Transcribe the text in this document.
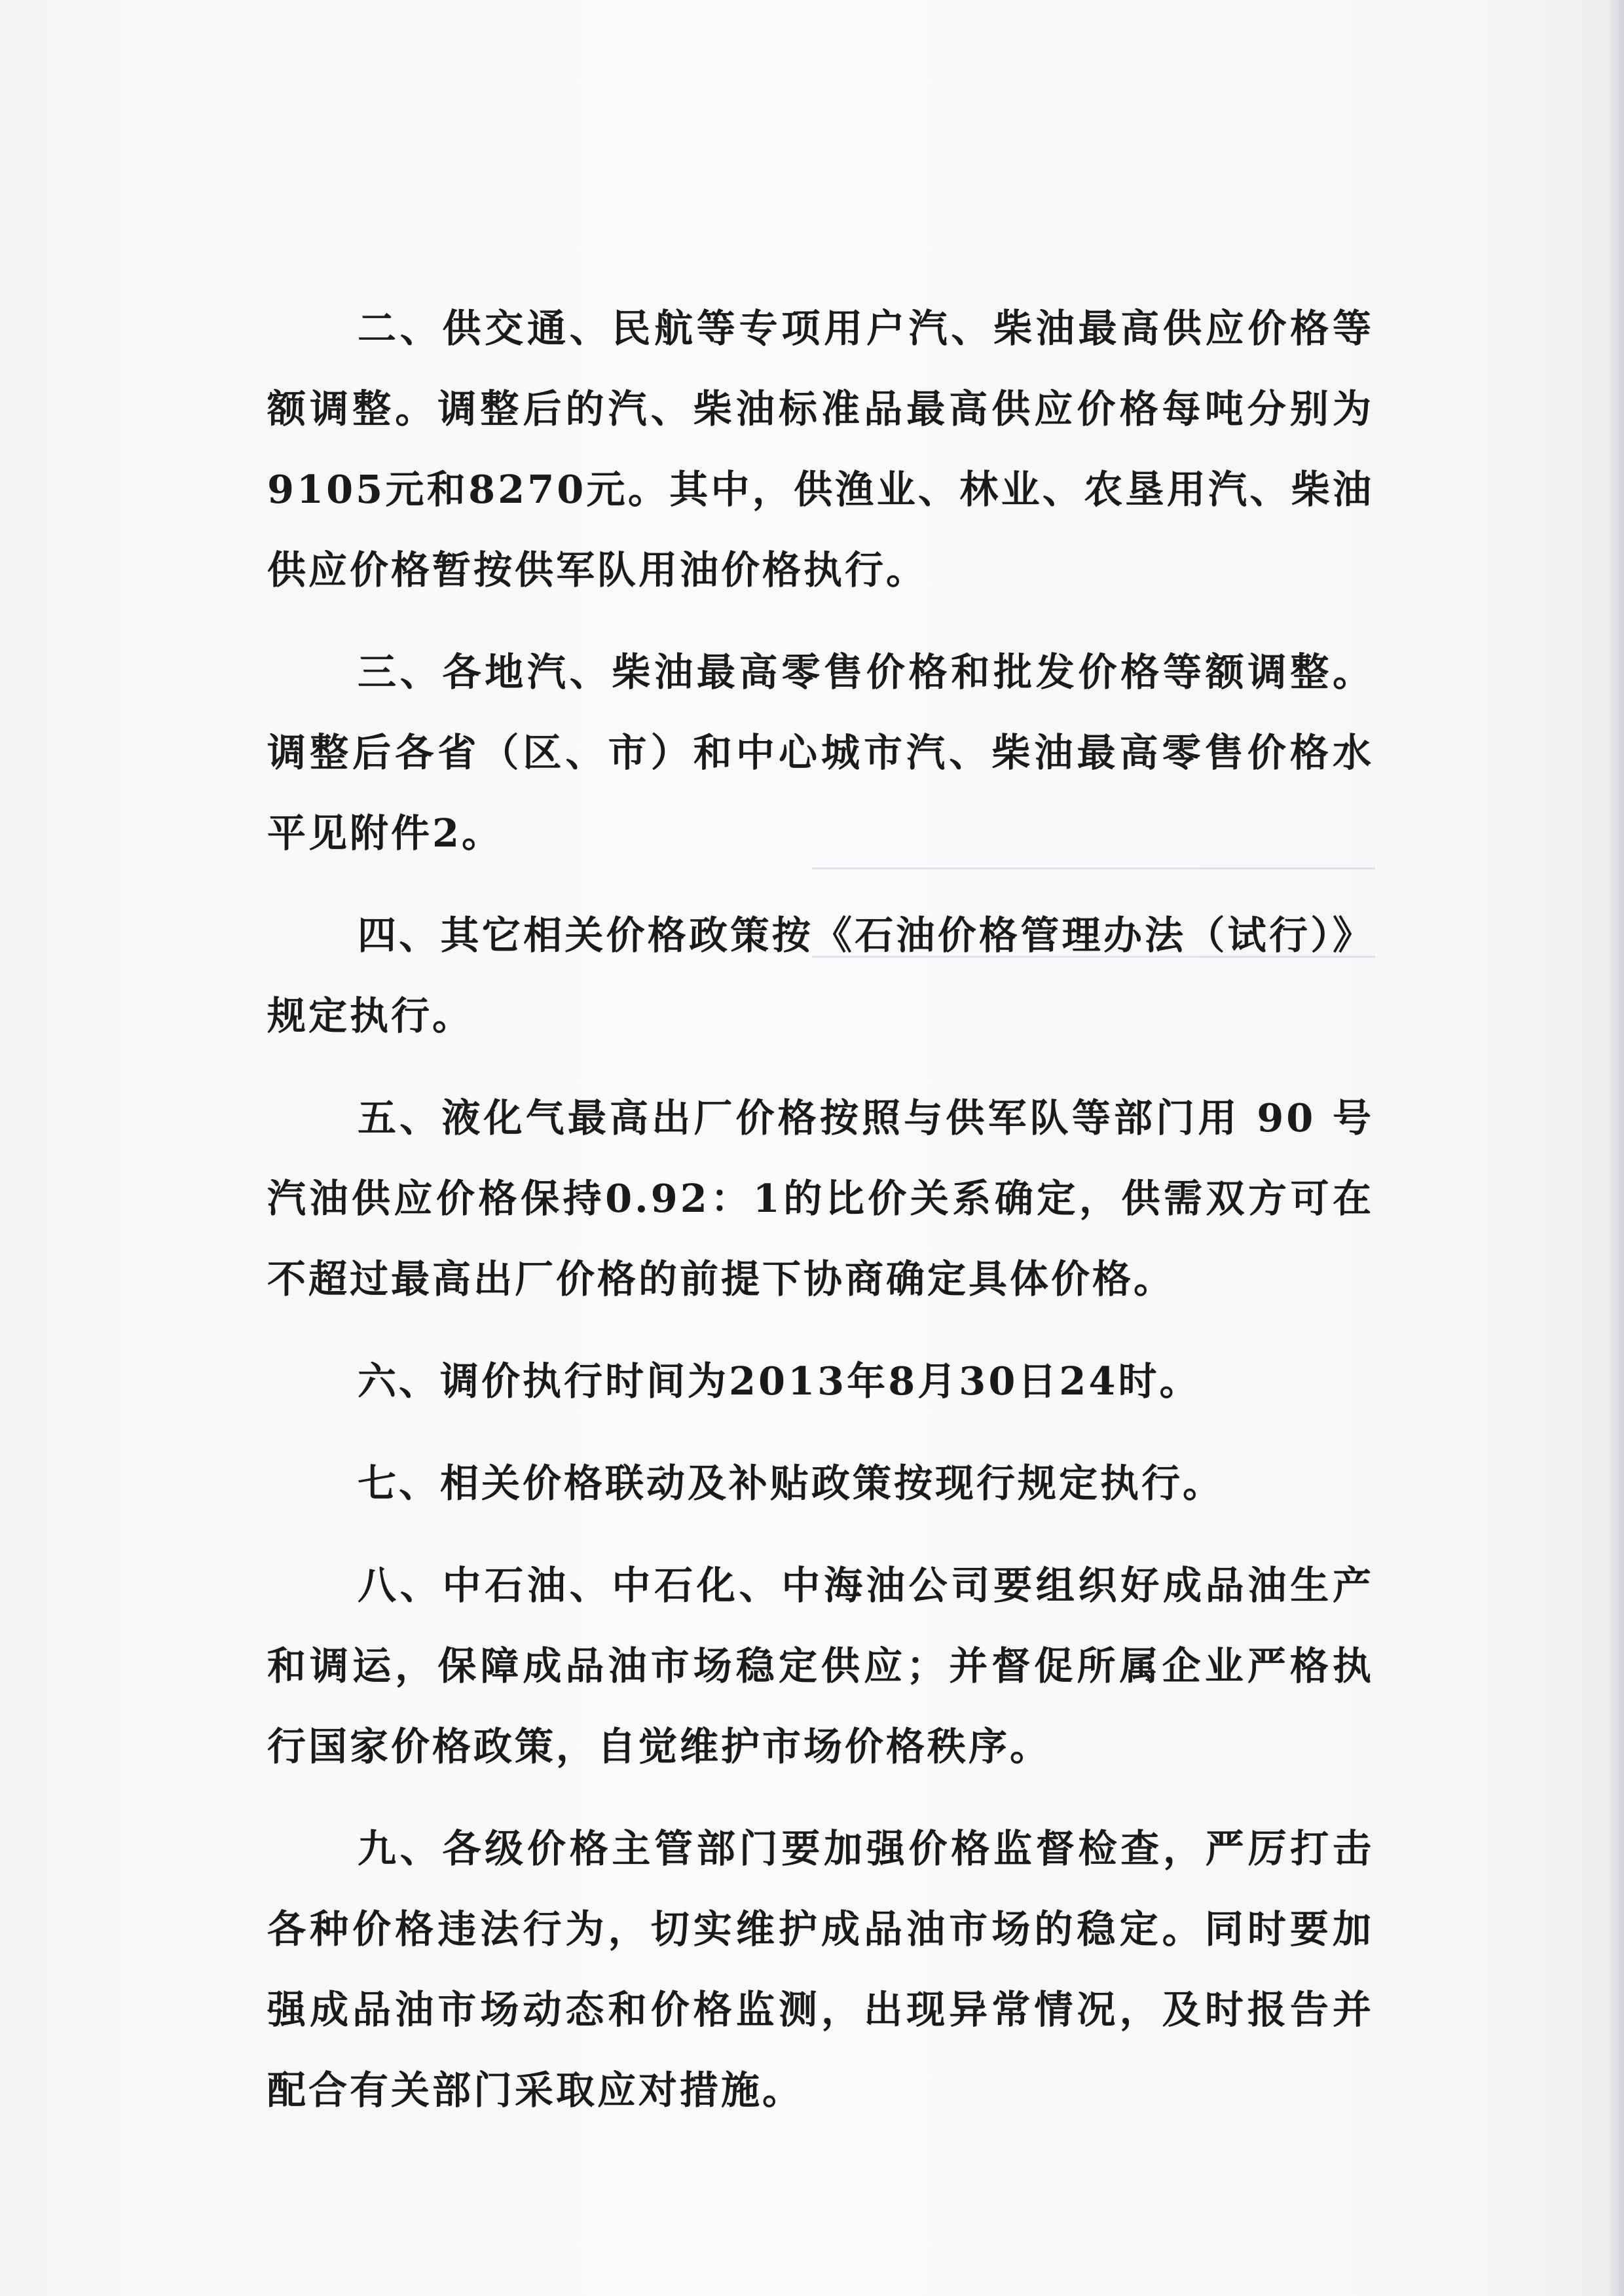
二、供交通、民航等专项用户汽、柴油最高供应价格等额调整。调整后的汽、柴油标准品最高供应价格每吨分别为9105元和8270元。其中，供渔业、林业、农垦用汽、柴油供应价格暂按供军队用油价格执行。

三、各地汽、柴油最高零售价格和批发价格等额调整。调整后各省（区、市）和中心城市汽、柴油最高零售价格水平见附件2。

四、其它相关价格政策按《石油价格管理办法（试行）》规定执行。

五、液化气最高出厂价格按照与供军队等部门用 90 号汽油供应价格保持0.92：1的比价关系确定，供需双方可在不超过最高出厂价格的前提下协商确定具体价格。

六、调价执行时间为2013年8月30日24时。

七、相关价格联动及补贴政策按现行规定执行。

八、中石油、中石化、中海油公司要组织好成品油生产和调运，保障成品油市场稳定供应；并督促所属企业严格执行国家价格政策，自觉维护市场价格秩序。

九、各级价格主管部门要加强价格监督检查，严厉打击各种价格违法行为，切实维护成品油市场的稳定。同时要加强成品油市场动态和价格监测，出现异常情况，及时报告并配合有关部门采取应对措施。
